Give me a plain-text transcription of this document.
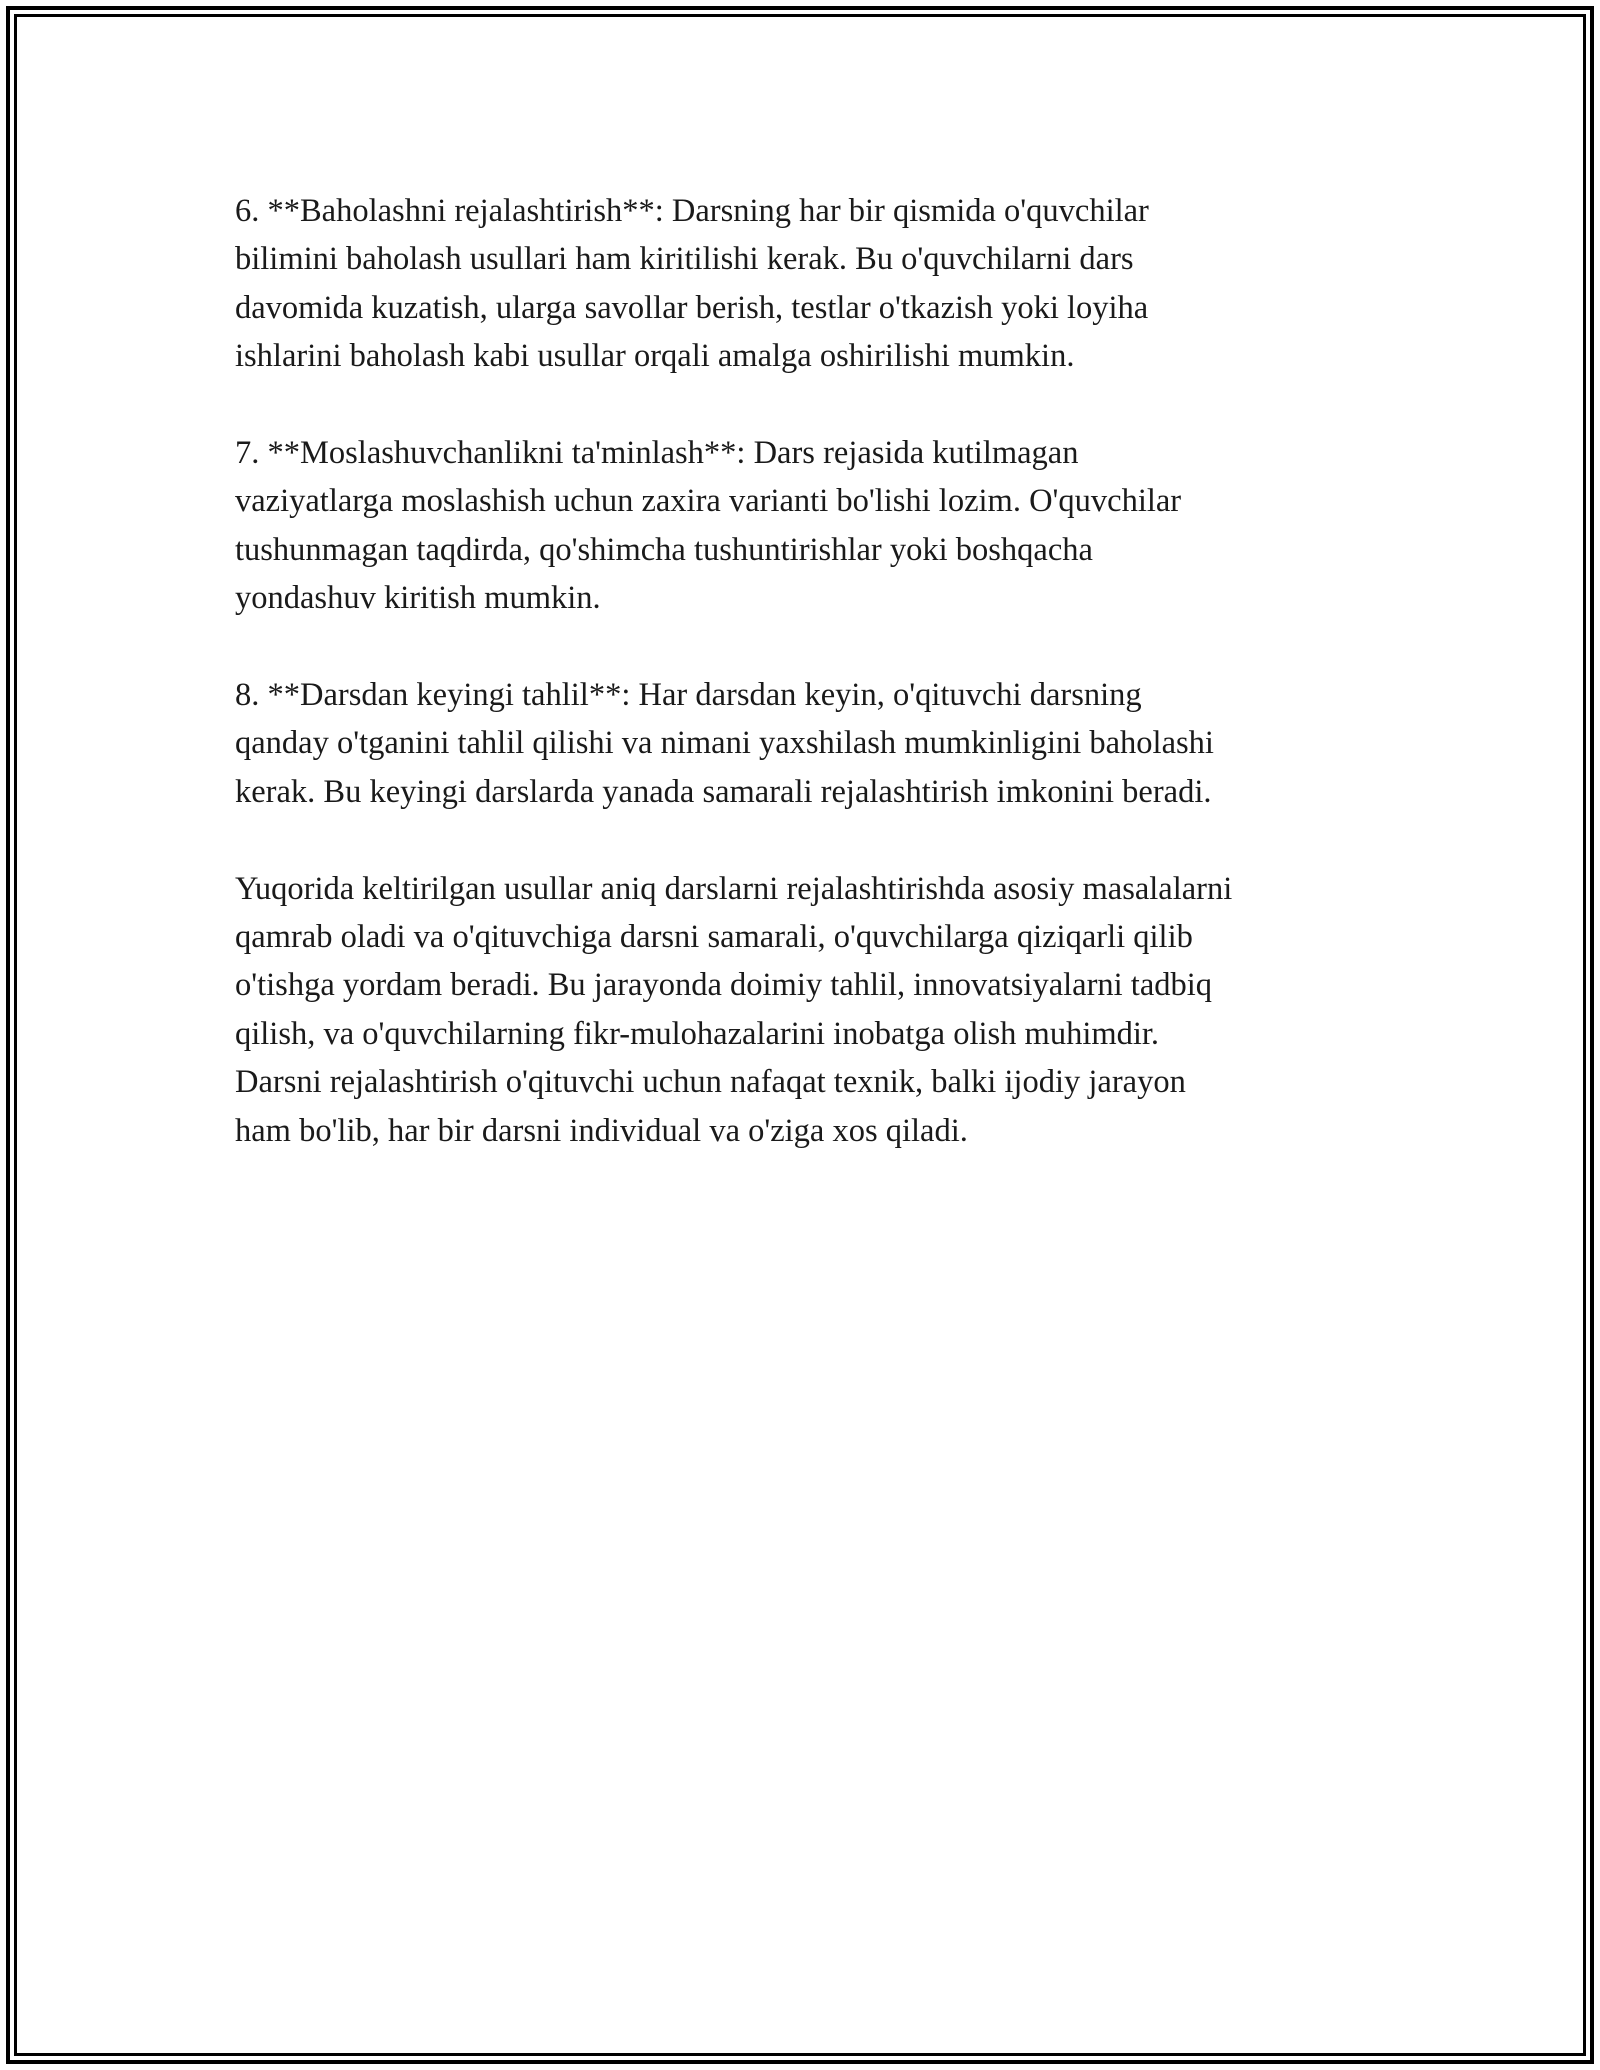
6. **Baholashni rejalashtirish**: Darsning har bir qismida o'quvchilar
bilimini baholash usullari ham kiritilishi kerak. Bu o'quvchilarni dars
davomida kuzatish, ularga savollar berish, testlar o'tkazish yoki loyiha
ishlarini baholash kabi usullar orqali amalga oshirilishi mumkin.

7. **Moslashuvchanlikni ta'minlash**: Dars rejasida kutilmagan
vaziyatlarga moslashish uchun zaxira varianti bo'lishi lozim. O'quvchilar
tushunmagan taqdirda, qo'shimcha tushuntirishlar yoki boshqacha
yondashuv kiritish mumkin.

8. **Darsdan keyingi tahlil**: Har darsdan keyin, o'qituvchi darsning
qanday o'tganini tahlil qilishi va nimani yaxshilash mumkinligini baholashi
kerak. Bu keyingi darslarda yanada samarali rejalashtirish imkonini beradi.

Yuqorida keltirilgan usullar aniq darslarni rejalashtirishda asosiy masalalarni
qamrab oladi va o'qituvchiga darsni samarali, o'quvchilarga qiziqarli qilib
o'tishga yordam beradi. Bu jarayonda doimiy tahlil, innovatsiyalarni tadbiq
qilish, va o'quvchilarning fikr-mulohazalarini inobatga olish muhimdir.
Darsni rejalashtirish o'qituvchi uchun nafaqat texnik, balki ijodiy jarayon
ham bo'lib, har bir darsni individual va o'ziga xos qiladi.
